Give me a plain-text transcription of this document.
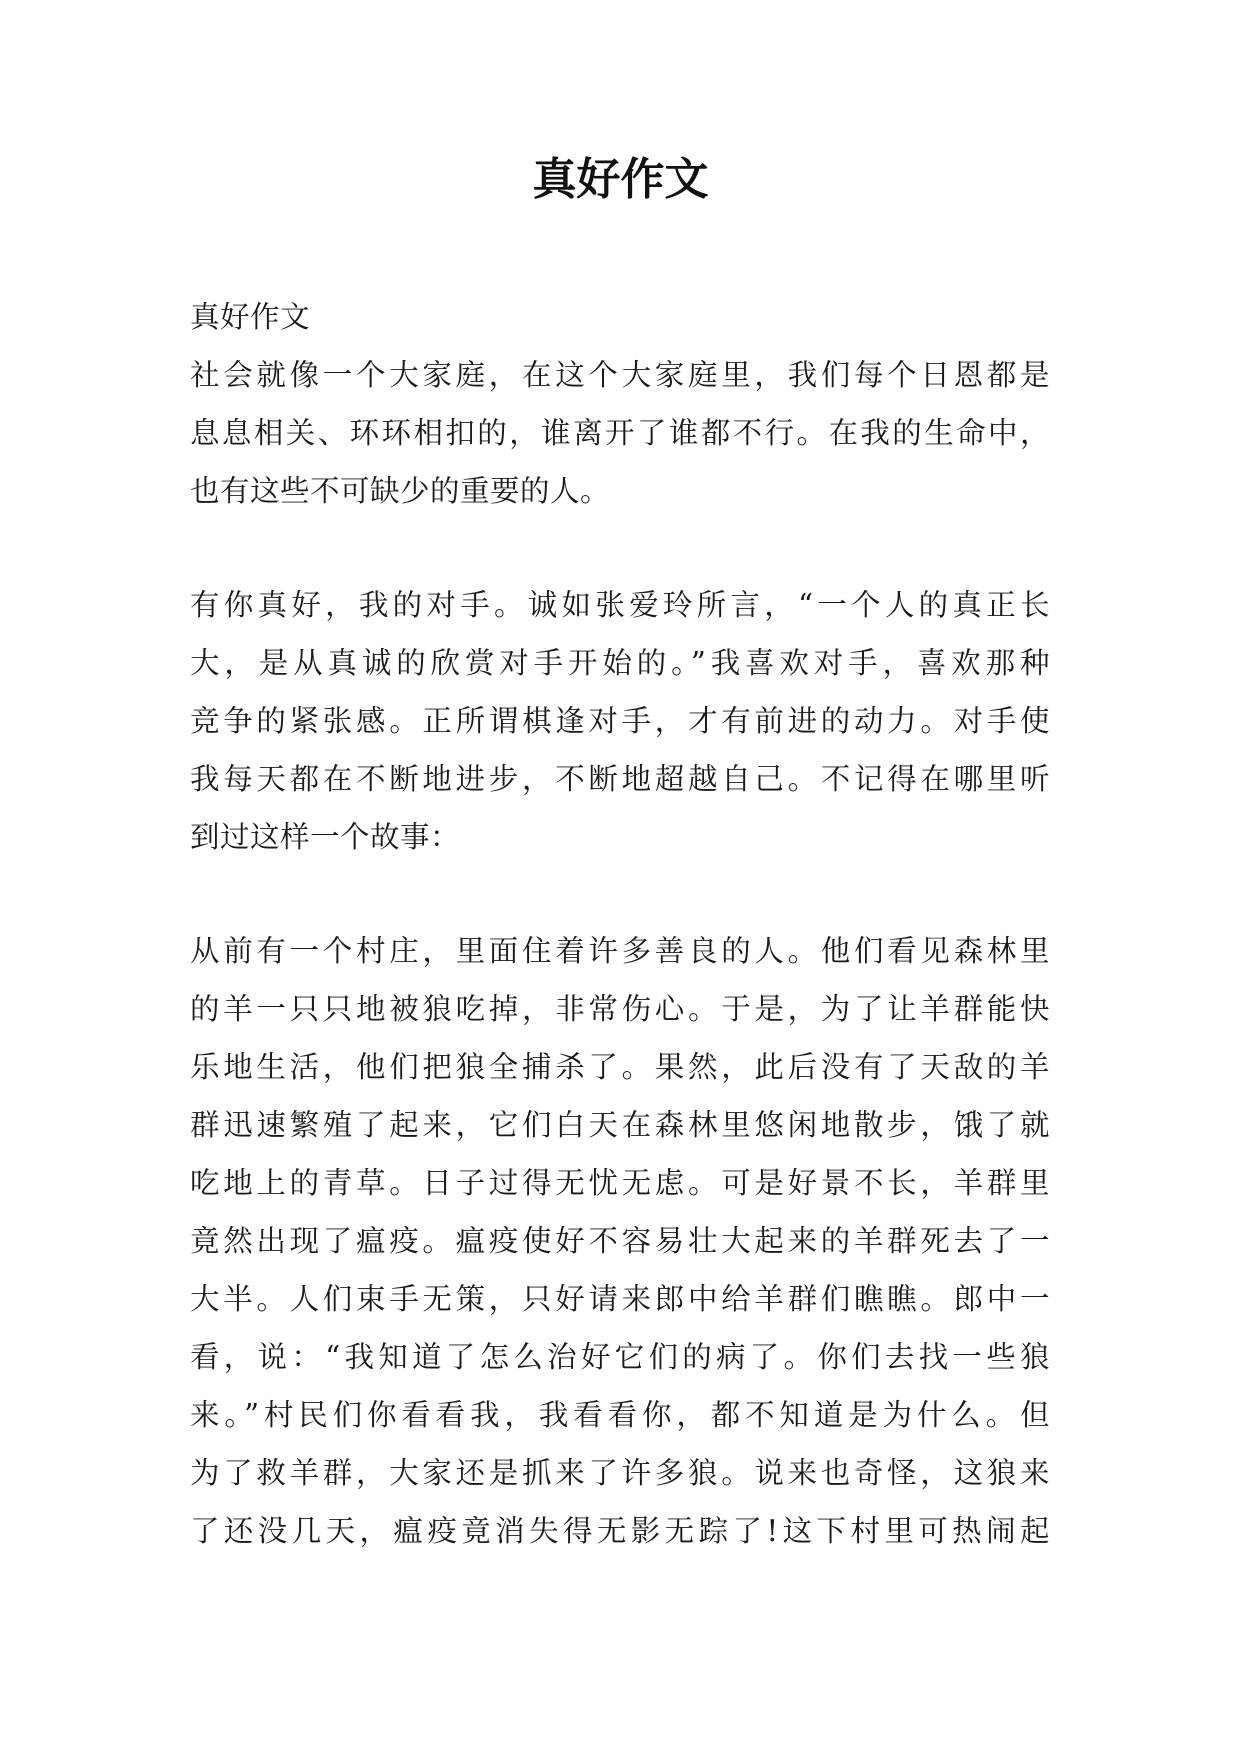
真好作文
真好作文
社会就像一个大家庭，在这个大家庭里，我们每个日恩都是
息息相关、环环相扣的，谁离开了谁都不行。在我的生命中，
也有这些不可缺少的重要的人。
有你真好，我的对手。诚如张爱玲所言，“一个人的真正长
大，是从真诚的欣赏对手开始的。”我喜欢对手，喜欢那种
竞争的紧张感。正所谓棋逢对手，才有前进的动力。对手使
我每天都在不断地进步，不断地超越自己。不记得在哪里听
到过这样一个故事：
从前有一个村庄，里面住着许多善良的人。他们看见森林里
的羊一只只地被狼吃掉，非常伤心。于是，为了让羊群能快
乐地生活，他们把狼全捕杀了。果然，此后没有了天敌的羊
群迅速繁殖了起来，它们白天在森林里悠闲地散步，饿了就
吃地上的青草。日子过得无忧无虑。可是好景不长，羊群里
竟然出现了瘟疫。瘟疫使好不容易壮大起来的羊群死去了一
大半。人们束手无策，只好请来郎中给羊群们瞧瞧。郎中一
看，说：“我知道了怎么治好它们的病了。你们去找一些狼
来。”村民们你看看我，我看看你，都不知道是为什么。但
为了救羊群，大家还是抓来了许多狼。说来也奇怪，这狼来
了还没几天，瘟疫竟消失得无影无踪了!这下村里可热闹起
